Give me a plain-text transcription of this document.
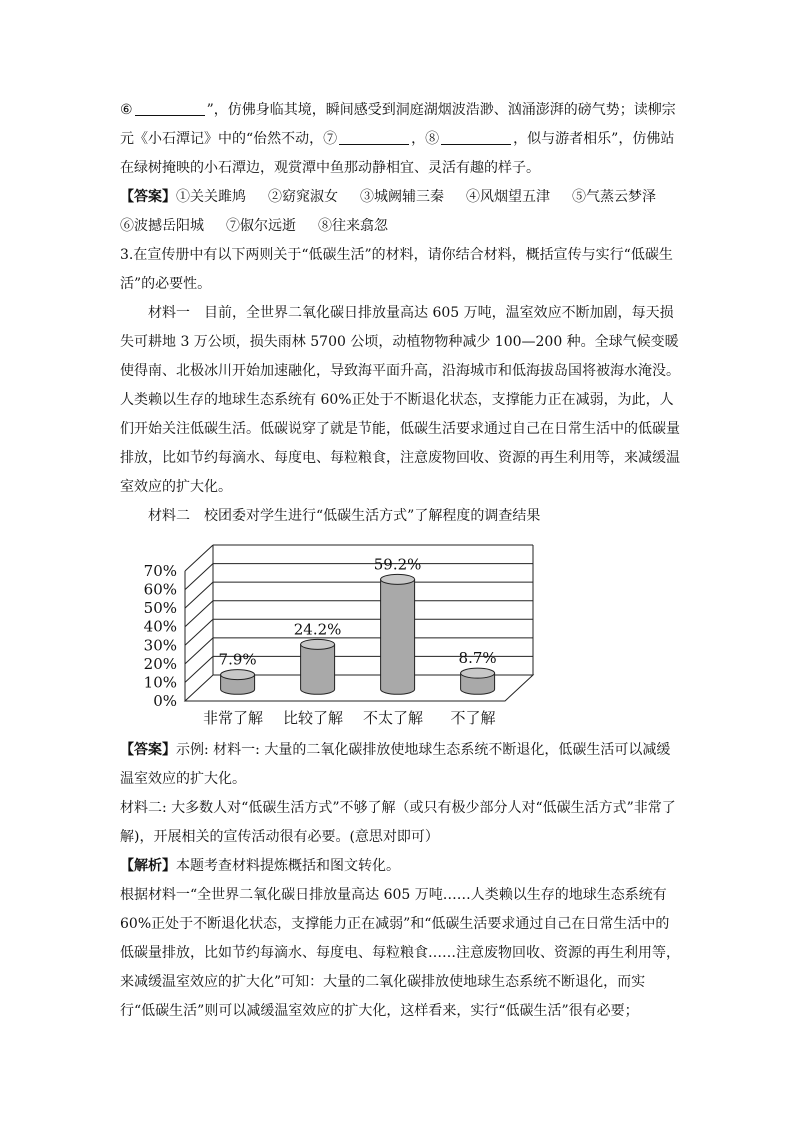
⑥	”，仿佛身临其境，瞬间感受到洞庭湖烟波浩渺、汹涌澎湃的磅气势；读柳宗

元《小石潭记》中的“佁然不动，⑦	，⑧	，似与游者相乐”，仿佛站

在绿树掩映的小石潭边，观赏潭中鱼那动静相宜、灵活有趣的样子。

【答案】①关关雎鸠 ②窈窕淑女 ③城阙辅三秦 ④风烟望五津 ⑤气蒸云梦泽

⑥波撼岳阳城 ⑦俶尔远逝 ⑧往来翕忽

3.在宣传册中有以下两则关于“低碳生活”的材料，请你结合材料，概括宣传与实行“低碳生活”的必要性。

材料一　目前，全世界二氧化碳日排放量高达 605 万吨，温室效应不断加剧，每天损失可耕地 3 万公顷，损失雨林 5700 公顷，动植物物种减少 100—200 种。全球气候变暖使得南、北极冰川开始加速融化，导致海平面升高，沿海城市和低海拔岛国将被海水淹没。人类赖以生存的地球生态系统有 60%正处于不断退化状态，支撑能力正在减弱，为此，人们开始关注低碳生活。低碳说穿了就是节能，低碳生活要求通过自己在日常生活中的低碳量排放，比如节约每滴水、每度电、每粒粮食，注意废物回收、资源的再生利用等，来减缓温室效应的扩大化。

材料二　校团委对学生进行“低碳生活方式”了解程度的调查结果

0%
10%
20%
30%
40%
50%
60%
70%
7.9%
非常了解
24.2%
比较了解
59.2%
不太了解
8.7%
不了解

【答案】示例: 材料一: 大量的二氧化碳排放使地球生态系统不断退化，低碳生活可以减缓温室效应的扩大化。

材料二: 大多数人对“低碳生活方式”不够了解（或只有极少部分人对“低碳生活方式”非常了解)，开展相关的宣传活动很有必要。(意思对即可）

【解析】本题考查材料提炼概括和图文转化。

根据材料一“全世界二氧化碳日排放量高达 605 万吨……人类赖以生存的地球生态系统有 60%正处于不断退化状态，支撑能力正在减弱”和“低碳生活要求通过自己在日常生活中的低碳量排放，比如节约每滴水、每度电、每粒粮食……注意废物回收、资源的再生利用等，来减缓温室效应的扩大化”可知：大量的二氧化碳排放使地球生态系统不断退化，而实行“低碳生活”则可以减缓温室效应的扩大化，这样看来，实行“低碳生活”很有必要；
